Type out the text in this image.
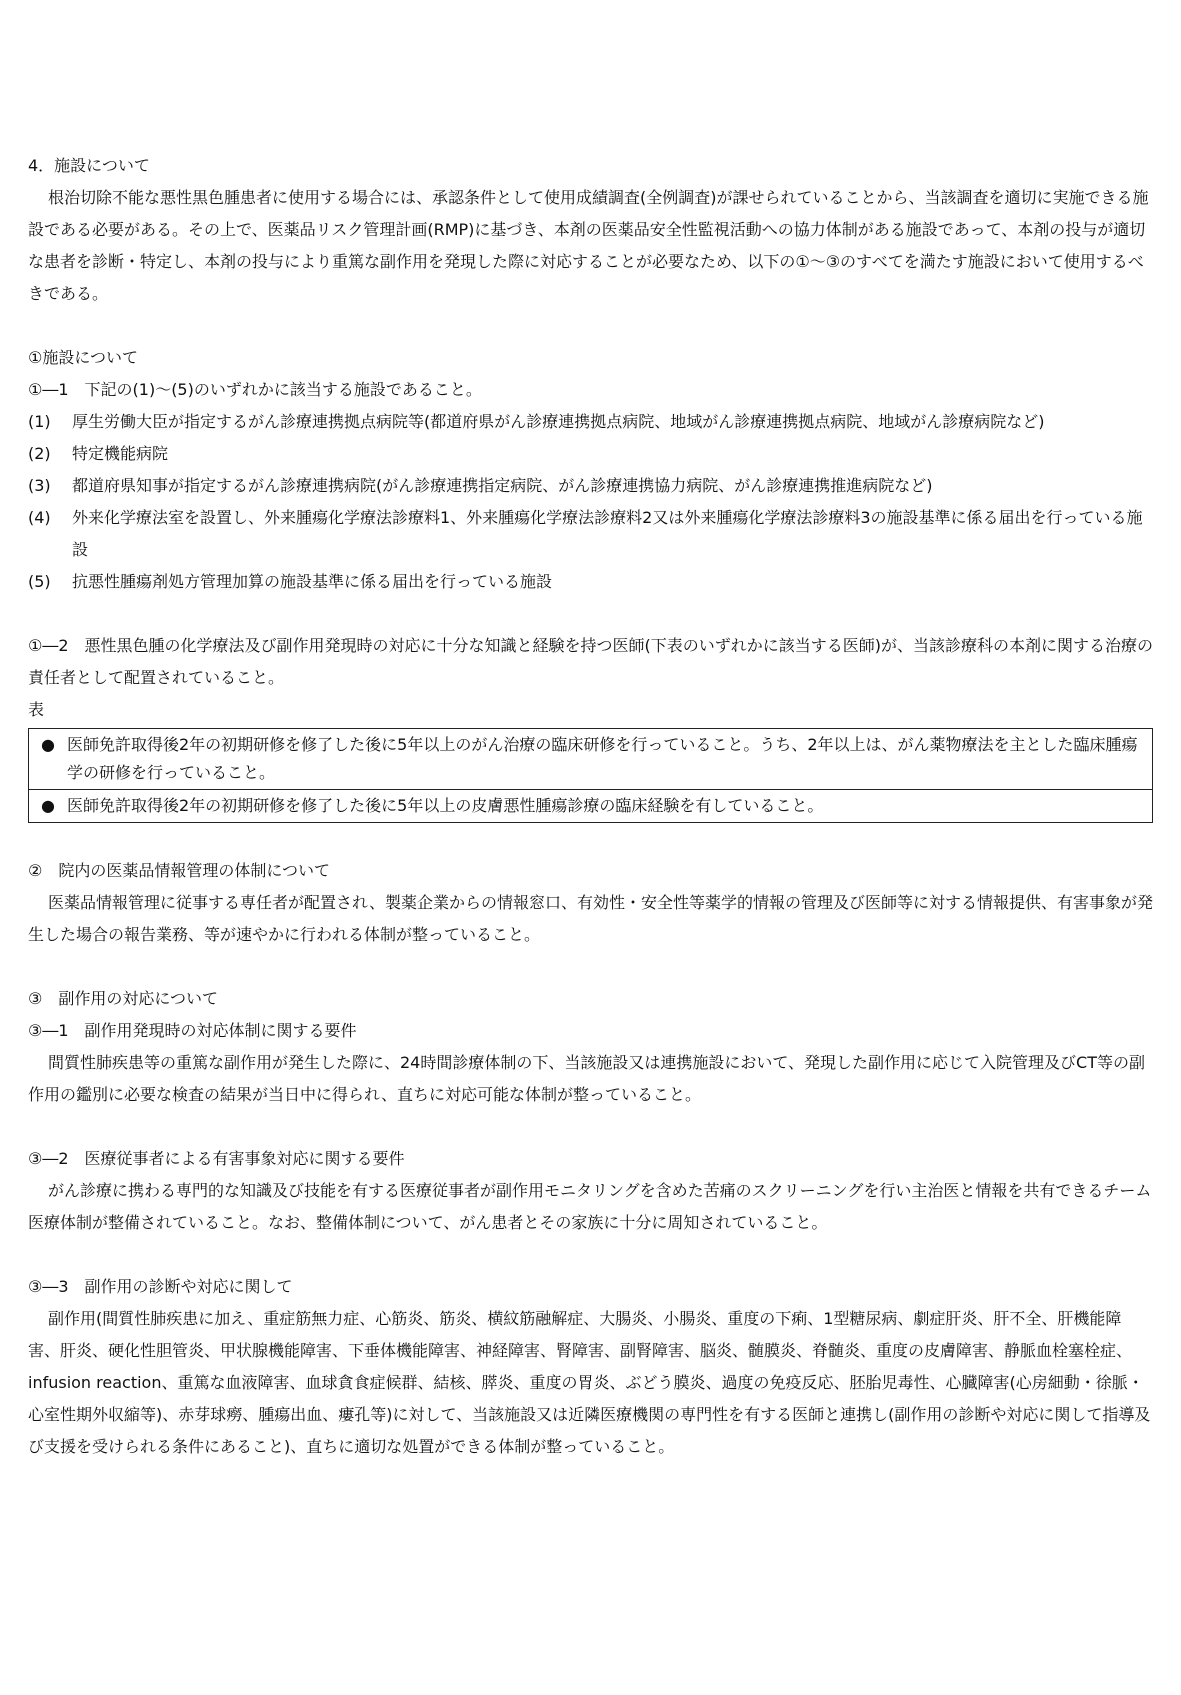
4．施設について

根治切除不能な悪性黒色腫患者に使用する場合には、承認条件として使用成績調査(全例調査)が課せられていることから、当該調査を適切に実施できる施設である必要がある。その上で、医薬品リスク管理計画(RMP)に基づき、本剤の医薬品安全性監視活動への協力体制がある施設であって、本剤の投与が適切な患者を診断・特定し、本剤の投与により重篤な副作用を発現した際に対応することが必要なため、以下の①～③のすべてを満たす施設において使用するべきである。

①施設について

①―1　下記の(1)～(5)のいずれかに該当する施設であること。

(1)	厚生労働大臣が指定するがん診療連携拠点病院等(都道府県がん診療連携拠点病院、地域がん診療連携拠点病院、地域がん診療病院など)
(2)	特定機能病院
(3)	都道府県知事が指定するがん診療連携病院(がん診療連携指定病院、がん診療連携協力病院、がん診療連携推進病院など)
(4)	外来化学療法室を設置し、外来腫瘍化学療法診療料1、外来腫瘍化学療法診療料2又は外来腫瘍化学療法診療料3の施設基準に係る届出を行っている施設
(5)	抗悪性腫瘍剤処方管理加算の施設基準に係る届出を行っている施設

①―2　悪性黒色腫の化学療法及び副作用発現時の対応に十分な知識と経験を持つ医師(下表のいずれかに該当する医師)が、当該診療科の本剤に関する治療の責任者として配置されていること。

表

●	医師免許取得後2年の初期研修を修了した後に5年以上のがん治療の臨床研修を行っていること。うち、2年以上は、がん薬物療法を主とした臨床腫瘍学の研修を行っていること。
●	医師免許取得後2年の初期研修を修了した後に5年以上の皮膚悪性腫瘍診療の臨床経験を有していること。

②　院内の医薬品情報管理の体制について

医薬品情報管理に従事する専任者が配置され、製薬企業からの情報窓口、有効性・安全性等薬学的情報の管理及び医師等に対する情報提供、有害事象が発生した場合の報告業務、等が速やかに行われる体制が整っていること。

③　副作用の対応について

③―1　副作用発現時の対応体制に関する要件

間質性肺疾患等の重篤な副作用が発生した際に、24時間診療体制の下、当該施設又は連携施設において、発現した副作用に応じて入院管理及びCT等の副作用の鑑別に必要な検査の結果が当日中に得られ、直ちに対応可能な体制が整っていること。

③―2　医療従事者による有害事象対応に関する要件

がん診療に携わる専門的な知識及び技能を有する医療従事者が副作用モニタリングを含めた苦痛のスクリーニングを行い主治医と情報を共有できるチーム医療体制が整備されていること。なお、整備体制について、がん患者とその家族に十分に周知されていること。

③―3　副作用の診断や対応に関して

副作用(間質性肺疾患に加え、重症筋無力症、心筋炎、筋炎、横紋筋融解症、大腸炎、小腸炎、重度の下痢、1型糖尿病、劇症肝炎、肝不全、肝機能障害、肝炎、硬化性胆管炎、甲状腺機能障害、下垂体機能障害、神経障害、腎障害、副腎障害、脳炎、髄膜炎、脊髄炎、重度の皮膚障害、静脈血栓塞栓症、infusion reaction、重篤な血液障害、血球貪食症候群、結核、膵炎、重度の胃炎、ぶどう膜炎、過度の免疫反応、胚胎児毒性、心臓障害(心房細動・徐脈・心室性期外収縮等)、赤芽球癆、腫瘍出血、瘻孔等)に対して、当該施設又は近隣医療機関の専門性を有する医師と連携し(副作用の診断や対応に関して指導及び支援を受けられる条件にあること)、直ちに適切な処置ができる体制が整っていること。
